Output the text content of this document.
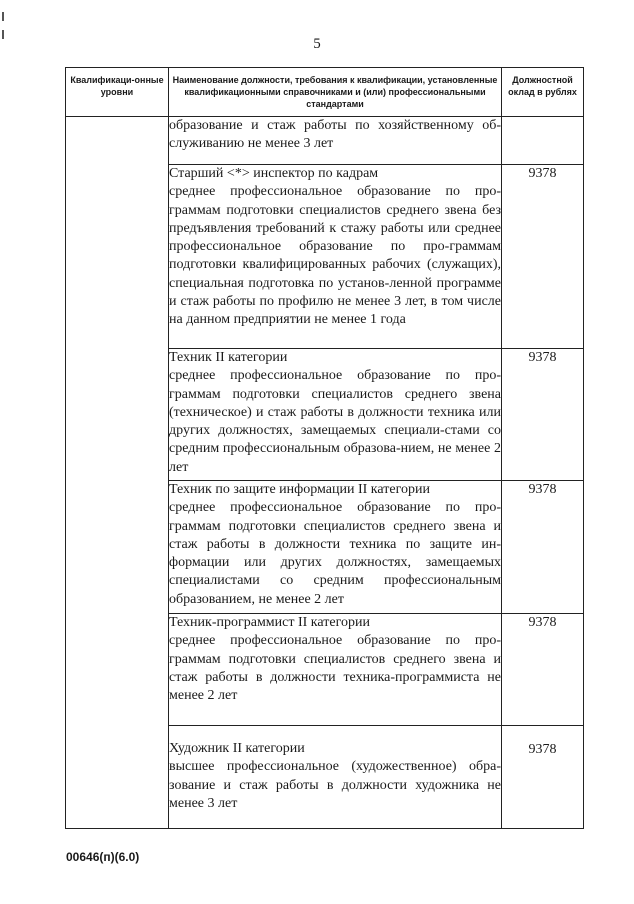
5
Квалификаци-онные уровни	Наименование должности, требования к квалификации, установленные квалификационными справочниками и (или) профессиональными стандартами	Должностной оклад в рублях

	образование и стаж работы по хозяйственному об-служиванию не менее 3 лет	

	Старший <*> инспектор по кадрам
среднее профессиональное образование по про-граммам подготовки специалистов среднего звена без предъявления требований к стажу работы или среднее профессиональное образование по про-граммам подготовки квалифицированных рабочих (служащих), специальная подготовка по установ-ленной программе и стаж работы по профилю не менее 3 лет, в том числе на данном предприятии не менее 1 года	9378

	Техник II категории
среднее профессиональное образование по про-граммам подготовки специалистов среднего звена (техническое) и стаж работы в должности техника или других должностях, замещаемых специали-стами со средним профессиональным образова-нием, не менее 2 лет	9378

	Техник по защите информации II категории
среднее профессиональное образование по про-граммам подготовки специалистов среднего звена и стаж работы в должности техника по защите ин-формации или других должностях, замещаемых специалистами со средним профессиональным образованием, не менее 2 лет	9378

	Техник-программист II категории
среднее профессиональное образование по про-граммам подготовки специалистов среднего звена и стаж работы в должности техника-программиста не менее 2 лет	9378

	Художник II категории
высшее профессиональное (художественное) обра-зование и стаж работы в должности художника не менее 3 лет	9378
00646(п)(6.0)
